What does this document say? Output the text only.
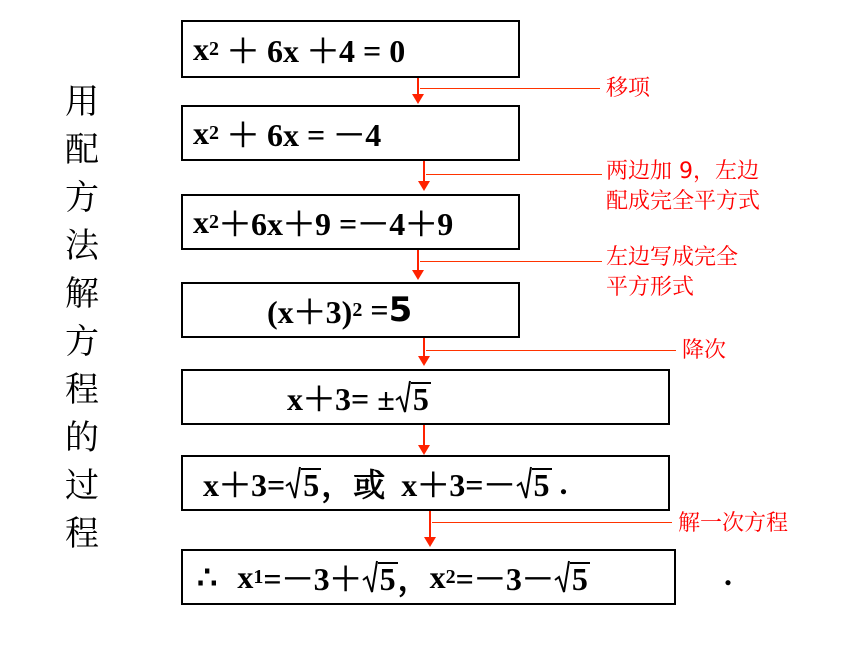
用
配
方
法
解
方
程
的
过
程
x 2 ＋ 6x ＋4 = 0
移项
x 2 ＋ 6x = －4
两边加 9，左边
配成完全平方式
x 2 ＋6x＋9 =－4＋9
左边写成完全
平方形式
(x＋3) 2 = 5
降次
x＋3= ± 5
x＋3= 5 ，或  x＋3=－ 5 .
解一次方程
∴ x 1 =－3＋ 5 ， x 2 =－3－ 5	.
